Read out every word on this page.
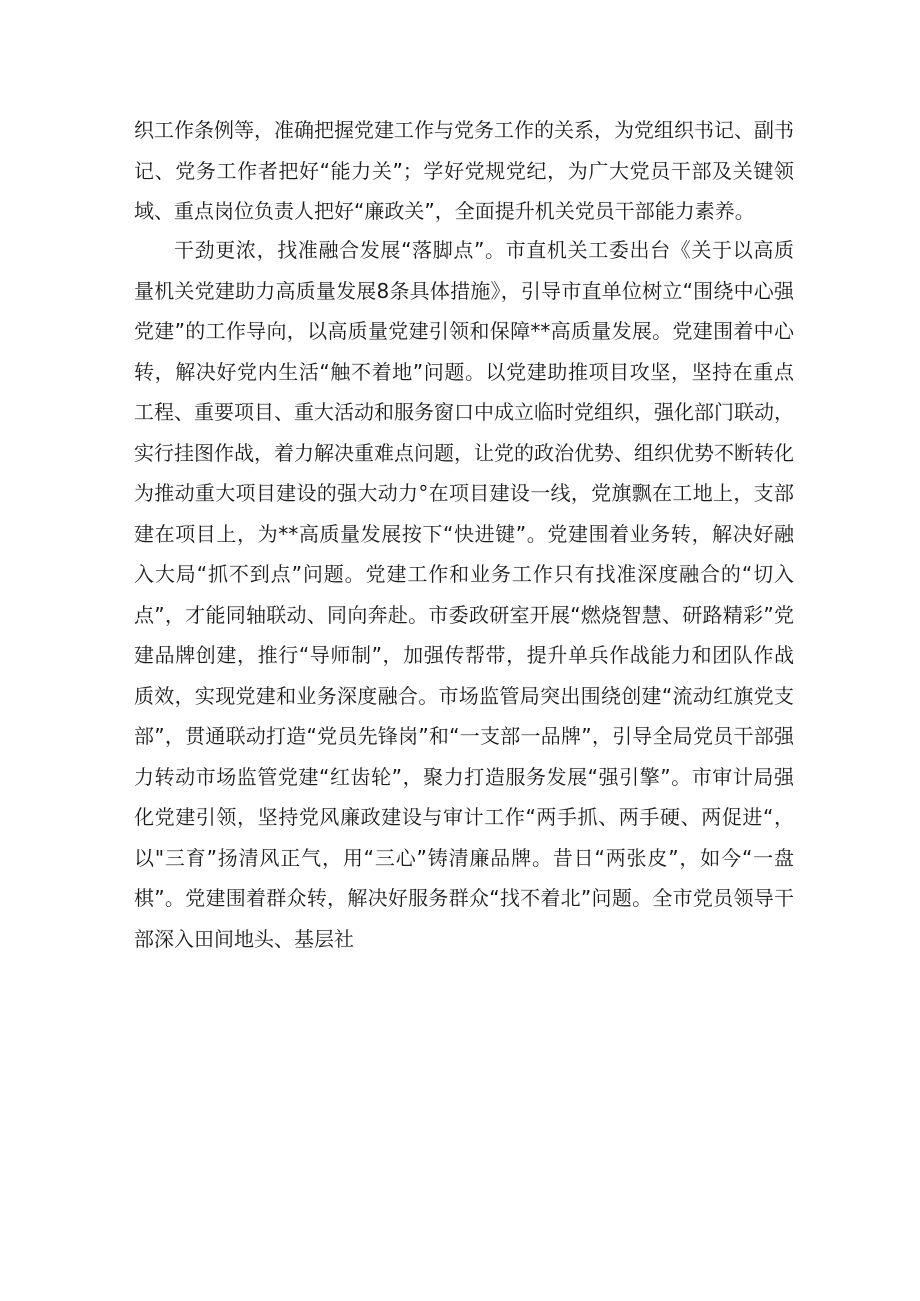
织工作条例等，准确把握党建工作与党务工作的关系，为党组织书记、副书记、党务工作者把好“能力关”；学好党规党纪，为广大党员干部及关键领域、重点岗位负责人把好“廉政关”，全面提升机关党员干部能力素养。

干劲更浓，找准融合发展“落脚点”。市直机关工委出台《关于以高质量机关党建助力高质量发展8条具体措施》，引导市直单位树立“围绕中心强党建”的工作导向，以高质量党建引领和保障**高质量发展。党建围着中心转，解决好党内生活“触不着地”问题。以党建助推项目攻坚，坚持在重点工程、重要项目、重大活动和服务窗口中成立临时党组织，强化部门联动，实行挂图作战，着力解决重难点问题，让党的政治优势、组织优势不断转化为推动重大项目建设的强大动力°在项目建设一线，党旗飘在工地上，支部建在项目上，为**高质量发展按下“快进键”。党建围着业务转，解决好融入大局“抓不到点”问题。党建工作和业务工作只有找准深度融合的“切入点”，才能同轴联动、同向奔赴。市委政研室开展“燃烧智慧、研路精彩”党建品牌创建，推行“导师制”，加强传帮带，提升单兵作战能力和团队作战质效，实现党建和业务深度融合。市场监管局突出围绕创建“流动红旗党支部”，贯通联动打造“党员先锋岗”和“一支部一品牌”，引导全局党员干部强力转动市场监管党建“红齿轮”，聚力打造服务发展“强引擎”。市审计局强化党建引领，坚持党风廉政建设与审计工作“两手抓、两手硬、两促进“，以"三育”扬清风正气，用“三心”铸清廉品牌。昔日“两张皮”，如今“一盘棋”。党建围着群众转，解决好服务群众“找不着北”问题。全市党员领导干部深入田间地头、基层社
